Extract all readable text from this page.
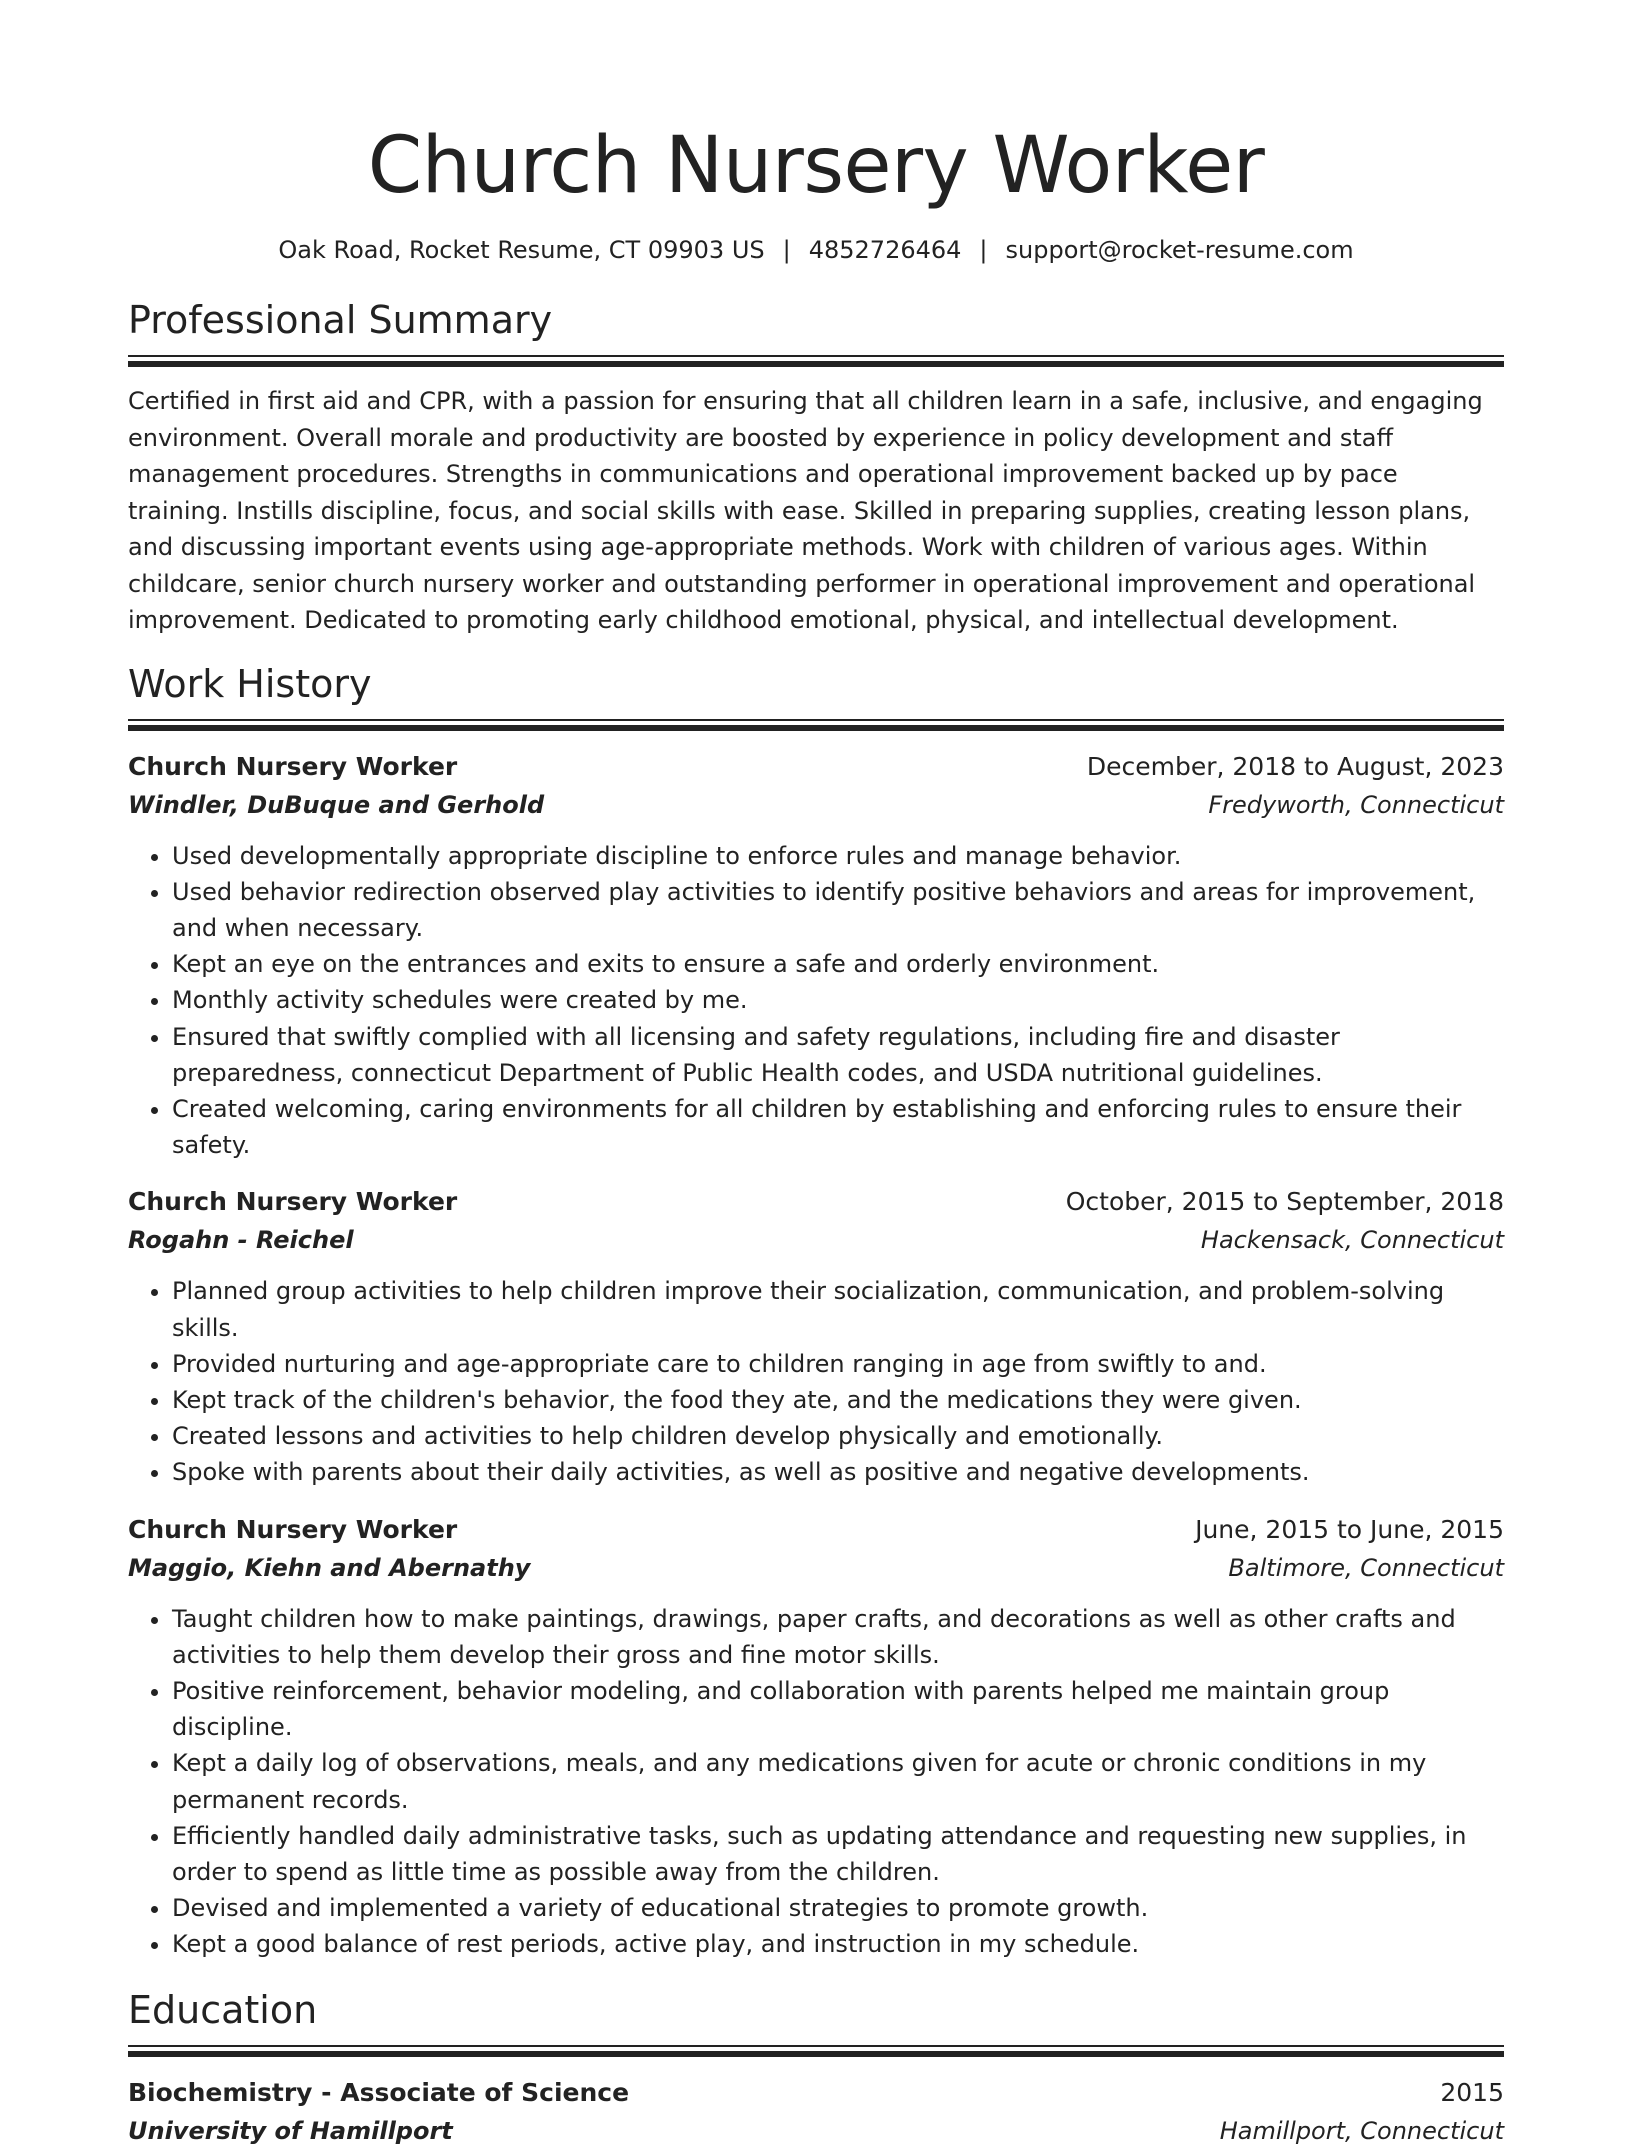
Church Nursery Worker
Oak Road, Rocket Resume, CT 09903 US | 4852726464 | support@rocket-resume.com
Professional Summary
Certified in first aid and CPR, with a passion for ensuring that all children learn in a safe, inclusive, and engaging environment. Overall morale and productivity are boosted by experience in policy development and staff management procedures. Strengths in communications and operational improvement backed up by pace training. Instills discipline, focus, and social skills with ease. Skilled in preparing supplies, creating lesson plans, and discussing important events using age-appropriate methods. Work with children of various ages. Within childcare, senior church nursery worker and outstanding performer in operational improvement and operational improvement. Dedicated to promoting early childhood emotional, physical, and intellectual development.
Work History
Church Nursery Worker	December, 2018 to August, 2023
Windler, DuBuque and Gerhold	Fredyworth, Connecticut
• Used developmentally appropriate discipline to enforce rules and manage behavior.
• Used behavior redirection observed play activities to identify positive behaviors and areas for improvement, and when necessary.
• Kept an eye on the entrances and exits to ensure a safe and orderly environment.
• Monthly activity schedules were created by me.
• Ensured that swiftly complied with all licensing and safety regulations, including fire and disaster preparedness, connecticut Department of Public Health codes, and USDA nutritional guidelines.
• Created welcoming, caring environments for all children by establishing and enforcing rules to ensure their safety.
Church Nursery Worker	October, 2015 to September, 2018
Rogahn - Reichel	Hackensack, Connecticut
• Planned group activities to help children improve their socialization, communication, and problem-solving skills.
• Provided nurturing and age-appropriate care to children ranging in age from swiftly to and.
• Kept track of the children's behavior, the food they ate, and the medications they were given.
• Created lessons and activities to help children develop physically and emotionally.
• Spoke with parents about their daily activities, as well as positive and negative developments.
Church Nursery Worker	June, 2015 to June, 2015
Maggio, Kiehn and Abernathy	Baltimore, Connecticut
• Taught children how to make paintings, drawings, paper crafts, and decorations as well as other crafts and activities to help them develop their gross and fine motor skills.
• Positive reinforcement, behavior modeling, and collaboration with parents helped me maintain group discipline.
• Kept a daily log of observations, meals, and any medications given for acute or chronic conditions in my permanent records.
• Efficiently handled daily administrative tasks, such as updating attendance and requesting new supplies, in order to spend as little time as possible away from the children.
• Devised and implemented a variety of educational strategies to promote growth.
• Kept a good balance of rest periods, active play, and instruction in my schedule.
Education
Biochemistry - Associate of Science	2015
University of Hamillport	Hamillport, Connecticut
